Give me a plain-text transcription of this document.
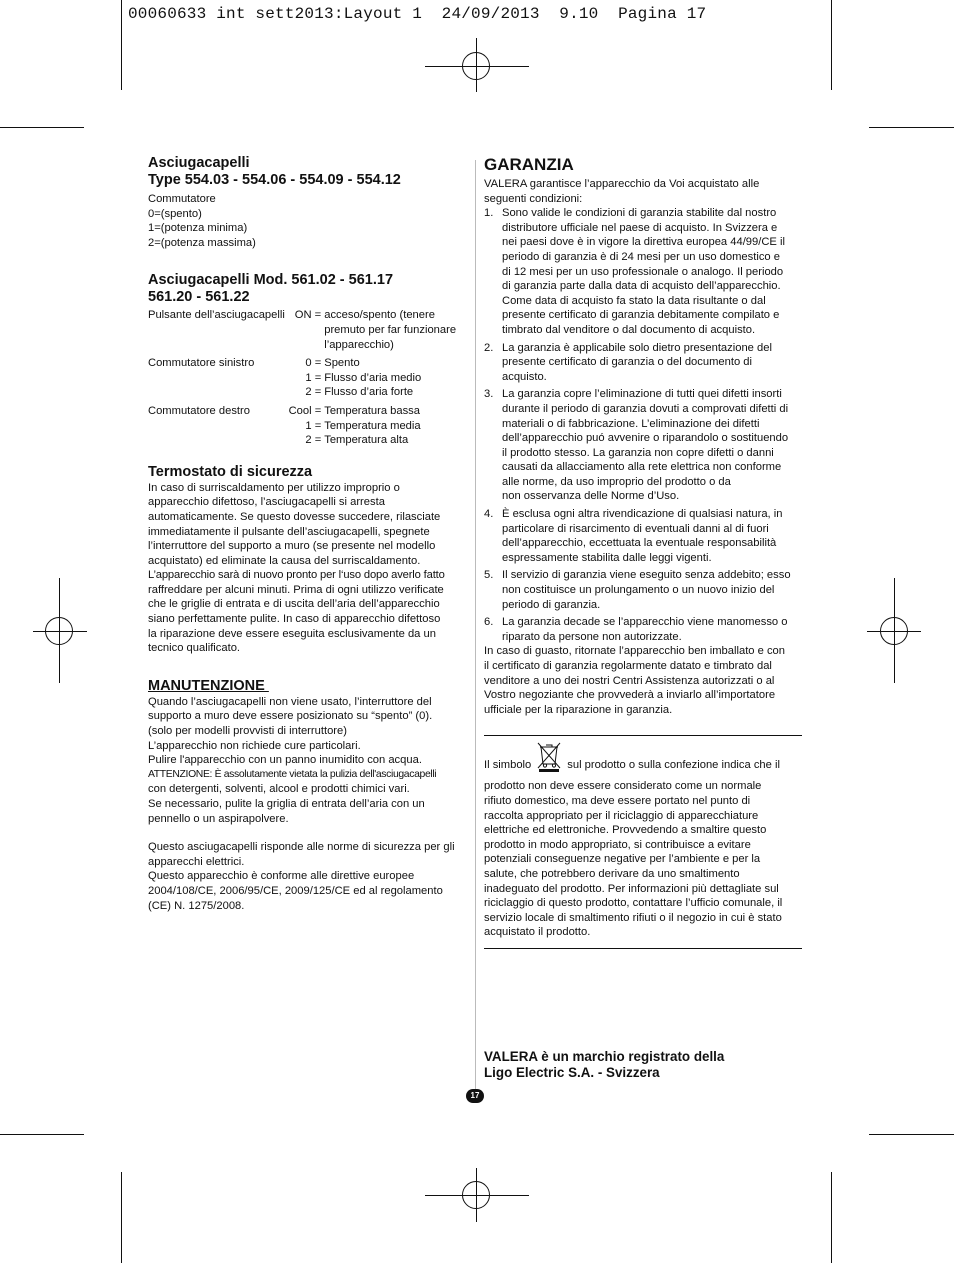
00060633 int sett2013:Layout 1  24/09/2013  9.10  Pagina 17

Asciugacapelli

Type 554.03 - 554.06 - 554.09 - 554.12

Commutatore

0=(spento)

1=(potenza minima)

2=(potenza massima)

Asciugacapelli Mod. 561.02 - 561.17

561.20 - 561.22

Pulsante dell’asciugacapelli	ON =	acceso/spento (tenere
		premuto per far funzionare
		l’apparecchio)

Commutatore sinistro	0 =	Spento
	1 =	Flusso d’aria medio
	2 =	Flusso d’aria forte

Commutatore destro	Cool =	Temperatura bassa
	1 =	Temperatura media
	2 =	Temperatura alta

Termostato di sicurezza

In caso di surriscaldamento per utilizzo improprio o

apparecchio difettoso, l’asciugacapelli si arresta

automaticamente. Se questo dovesse succedere, rilasciate

immediatamente il pulsante dell’asciugacapelli, spegnete

l’interruttore del supporto a muro (se presente nel modello

acquistato) ed eliminate la causa del surriscaldamento.

L’apparecchio sarà di nuovo pronto per l‘uso dopo averlo fatto

raffreddare per alcuni minuti. Prima di ogni utilizzo verificate

che le griglie di entrata e di uscita dell’aria dell’apparecchio

siano perfettamente pulite. In caso di apparecchio difettoso

la riparazione deve essere eseguita esclusivamente da un

tecnico qualificato.

MANUTENZIONE

Quando l’asciugacapelli non viene usato, l’interruttore del

supporto a muro deve essere posizionato su “spento” (0).

(solo per modelli provvisti di interruttore)

L’apparecchio non richiede cure particolari.

Pulire l'apparecchio con un panno inumidito con acqua.

ATTENZIONE: È assolutamente vietata la pulizia dell'asciugacapelli

con detergenti, solventi, alcool e prodotti chimici vari.

Se necessario, pulite la griglia di entrata dell’aria con un

pennello o un aspirapolvere.

Questo asciugacapelli risponde alle norme di sicurezza per gli

apparecchi elettrici.

Questo apparecchio è conforme alle direttive europee

2004/108/CE, 2006/95/CE, 2009/125/CE ed al regolamento

(CE) N. 1275/2008.

GARANZIA

VALERA garantisce l’apparecchio da Voi acquistato alle

seguenti condizioni:

1. Sono valide le condizioni di garanzia stabilite dal nostro
distributore ufficiale nel paese di acquisto. In Svizzera e
nei paesi dove è in vigore la direttiva europea 44/99/CE il
periodo di garanzia è di 24 mesi per un uso domestico e
di 12 mesi per un uso professionale o analogo. Il periodo
di garanzia parte dalla data di acquisto dell’apparecchio.
Come data di acquisto fa stato la data risultante o dal
presente certificato di garanzia debitamente compilato e
timbrato dal venditore o dal documento di acquisto.
2. La garanzia è applicabile solo dietro presentazione del
presente certificato di garanzia o del documento di
acquisto.
3. La garanzia copre l’eliminazione di tutti quei difetti insorti
durante il periodo di garanzia dovuti a comprovati difetti di
materiali o di fabbricazione. L’eliminazione dei difetti
dell’apparecchio puó avvenire o riparandolo o sostituendo
il prodotto stesso. La garanzia non copre difetti o danni
causati da allacciamento alla rete elettrica non conforme
alle norme, da uso improprio del prodotto o da
non osservanza delle Norme d’Uso.
4. È esclusa ogni altra rivendicazione di qualsiasi natura, in
particolare di risarcimento di eventuali danni al di fuori
dell’apparecchio, eccettuata la eventuale responsabilità
espressamente stabilita dalle leggi vigenti.
5. Il servizio di garanzia viene eseguito senza addebito; esso
non costituisce un prolungamento o un nuovo inizio del
periodo di garanzia.
6. La garanzia decade se l’apparecchio viene manomesso o
riparato da persone non autorizzate.

In caso di guasto, ritornate l’apparecchio ben imballato e con

il certificato di garanzia regolarmente datato e timbrato dal

venditore a uno dei nostri Centri Assistenza autorizzati o al

Vostro negoziante che provvederà a inviarlo all’importatore

ufficiale per la riparazione in garanzia.

Il simbolo	sul prodotto o sulla confezione indica che il

prodotto non deve essere considerato come un normale

rifiuto domestico, ma deve essere portato nel punto di

raccolta appropriato per il riciclaggio di apparecchiature

elettriche ed elettroniche. Provvedendo a smaltire questo

prodotto in modo appropriato, si contribuisce a evitare

potenziali conseguenze negative per l’ambiente e per la

salute, che potrebbero derivare da uno smaltimento

inadeguato del prodotto. Per informazioni più dettagliate sul

riciclaggio di questo prodotto, contattare l’ufficio comunale, il

servizio locale di smaltimento rifiuti o il negozio in cui è stato

acquistato il prodotto.

VALERA è un marchio registrato della
Ligo Electric S.A. - Svizzera
17
